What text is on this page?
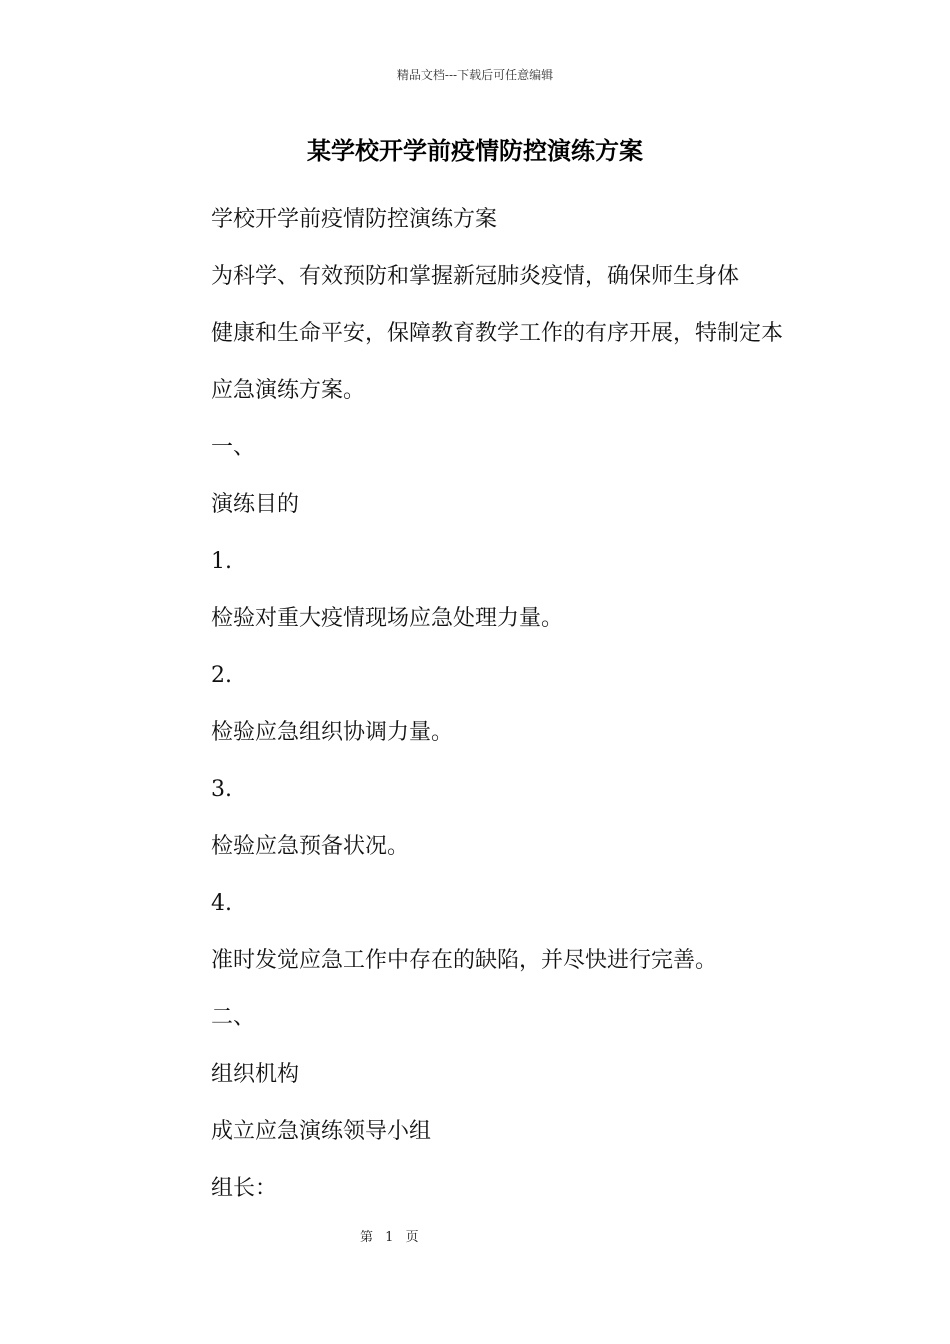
精品文档---下载后可任意编辑
某学校开学前疫情防控演练方案
学校开学前疫情防控演练方案
为科学、有效预防和掌握新冠肺炎疫情，确保师生身体
健康和生命平安，保障教育教学工作的有序开展，特制定本
应急演练方案。
一、
演练目的
1.
检验对重大疫情现场应急处理力量。
2.
检验应急组织协调力量。
3.
检验应急预备状况。
4.
准时发觉应急工作中存在的缺陷，并尽快进行完善。
二、
组织机构
成立应急演练领导小组
组长：
第 1 页
